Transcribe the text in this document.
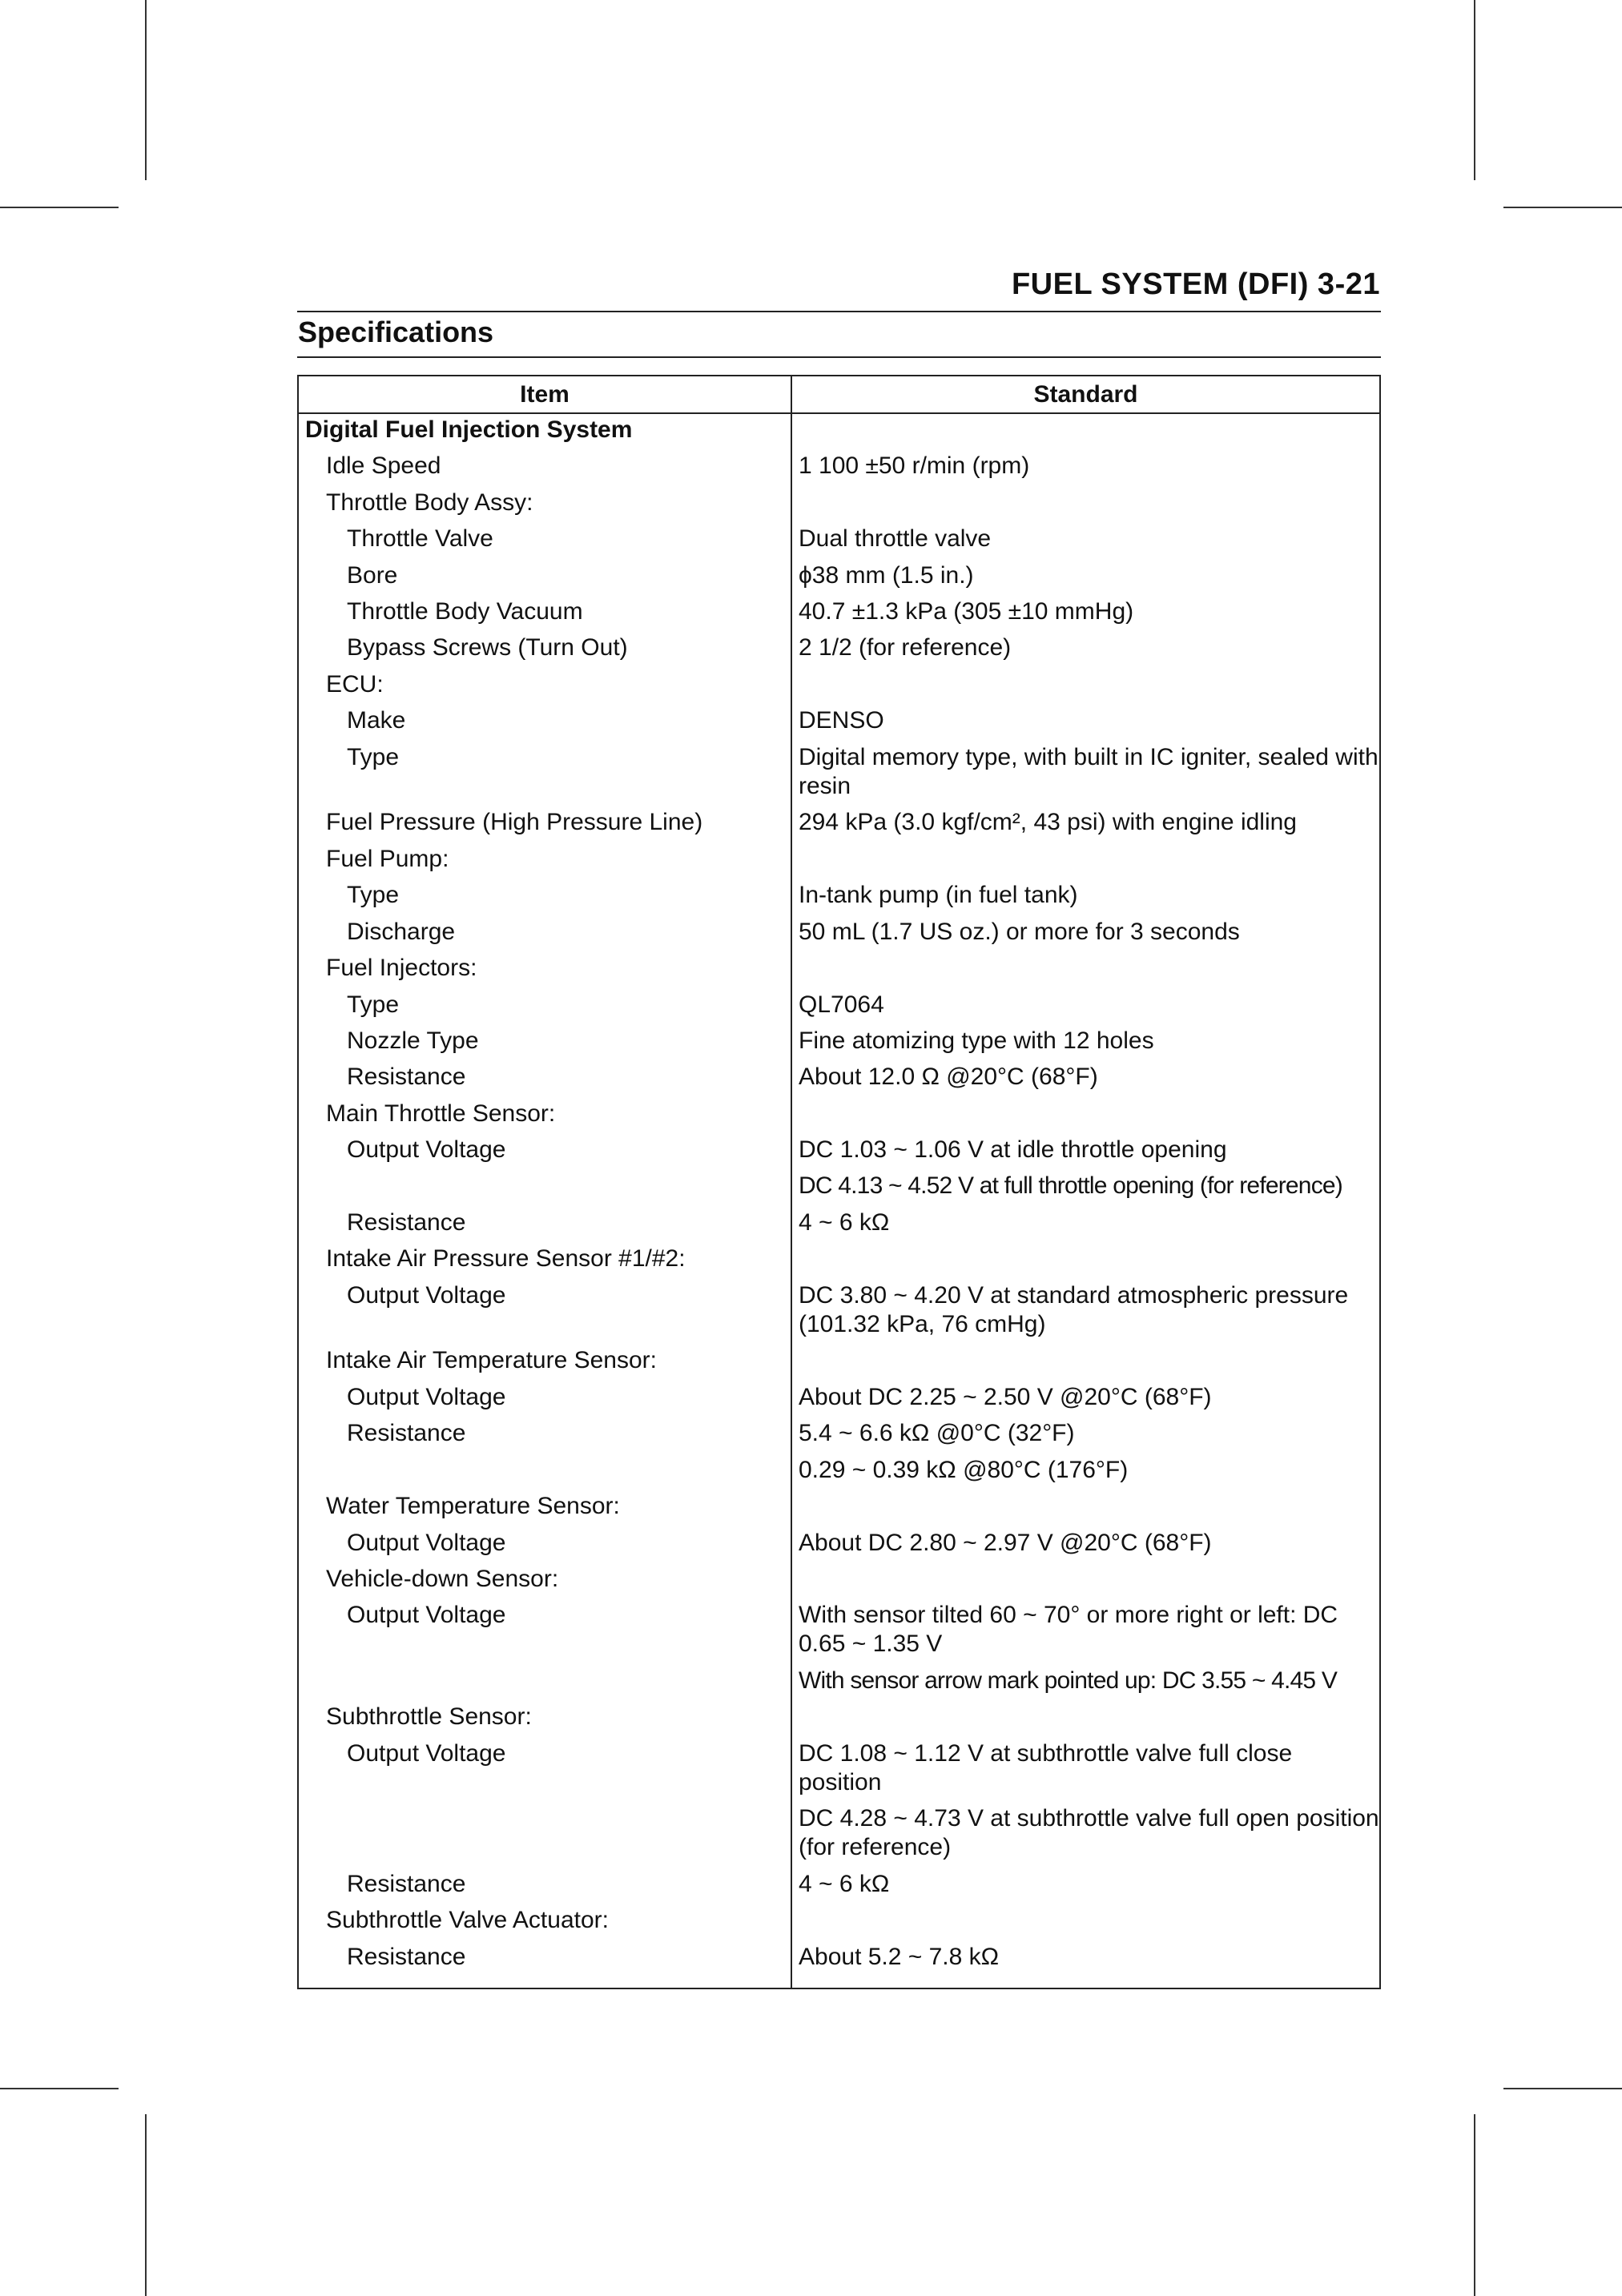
FUEL SYSTEM (DFI) 3-21
Specifications
Item	Standard
Digital Fuel Injection System
Idle Speed	1 100 ±50 r/min (rpm)
Throttle Body Assy:
Throttle Valve	Dual throttle valve
Bore	ϕ38 mm (1.5 in.)
Throttle Body Vacuum	40.7 ±1.3 kPa (305 ±10 mmHg)
Bypass Screws (Turn Out)	2 1/2 (for reference)
ECU:
Make	DENSO
Type	Digital memory type, with built in IC igniter, sealed with resin
Fuel Pressure (High Pressure Line)	294 kPa (3.0 kgf/cm², 43 psi) with engine idling
Fuel Pump:
Type	In-tank pump (in fuel tank)
Discharge	50 mL (1.7 US oz.) or more for 3 seconds
Fuel Injectors:
Type	QL7064
Nozzle Type	Fine atomizing type with 12 holes
Resistance	About 12.0 Ω @20°C (68°F)
Main Throttle Sensor:
Output Voltage	DC 1.03 ~ 1.06 V at idle throttle opening
DC 4.13 ~ 4.52 V at full throttle opening (for reference)
Resistance	4 ~ 6 kΩ
Intake Air Pressure Sensor #1/#2:
Output Voltage	DC 3.80 ~ 4.20 V at standard atmospheric pressure (101.32 kPa, 76 cmHg)
Intake Air Temperature Sensor:
Output Voltage	About DC 2.25 ~ 2.50 V @20°C (68°F)
Resistance	5.4 ~ 6.6 kΩ @0°C (32°F)
0.29 ~ 0.39 kΩ @80°C (176°F)
Water Temperature Sensor:
Output Voltage	About DC 2.80 ~ 2.97 V @20°C (68°F)
Vehicle-down Sensor:
Output Voltage	With sensor tilted 60 ~ 70° or more right or left: DC 0.65 ~ 1.35 V
With sensor arrow mark pointed up: DC 3.55 ~ 4.45 V
Subthrottle Sensor:
Output Voltage	DC 1.08 ~ 1.12 V at subthrottle valve full close position
DC 4.28 ~ 4.73 V at subthrottle valve full open position (for reference)
Resistance	4 ~ 6 kΩ
Subthrottle Valve Actuator:
Resistance	About 5.2 ~ 7.8 kΩ
